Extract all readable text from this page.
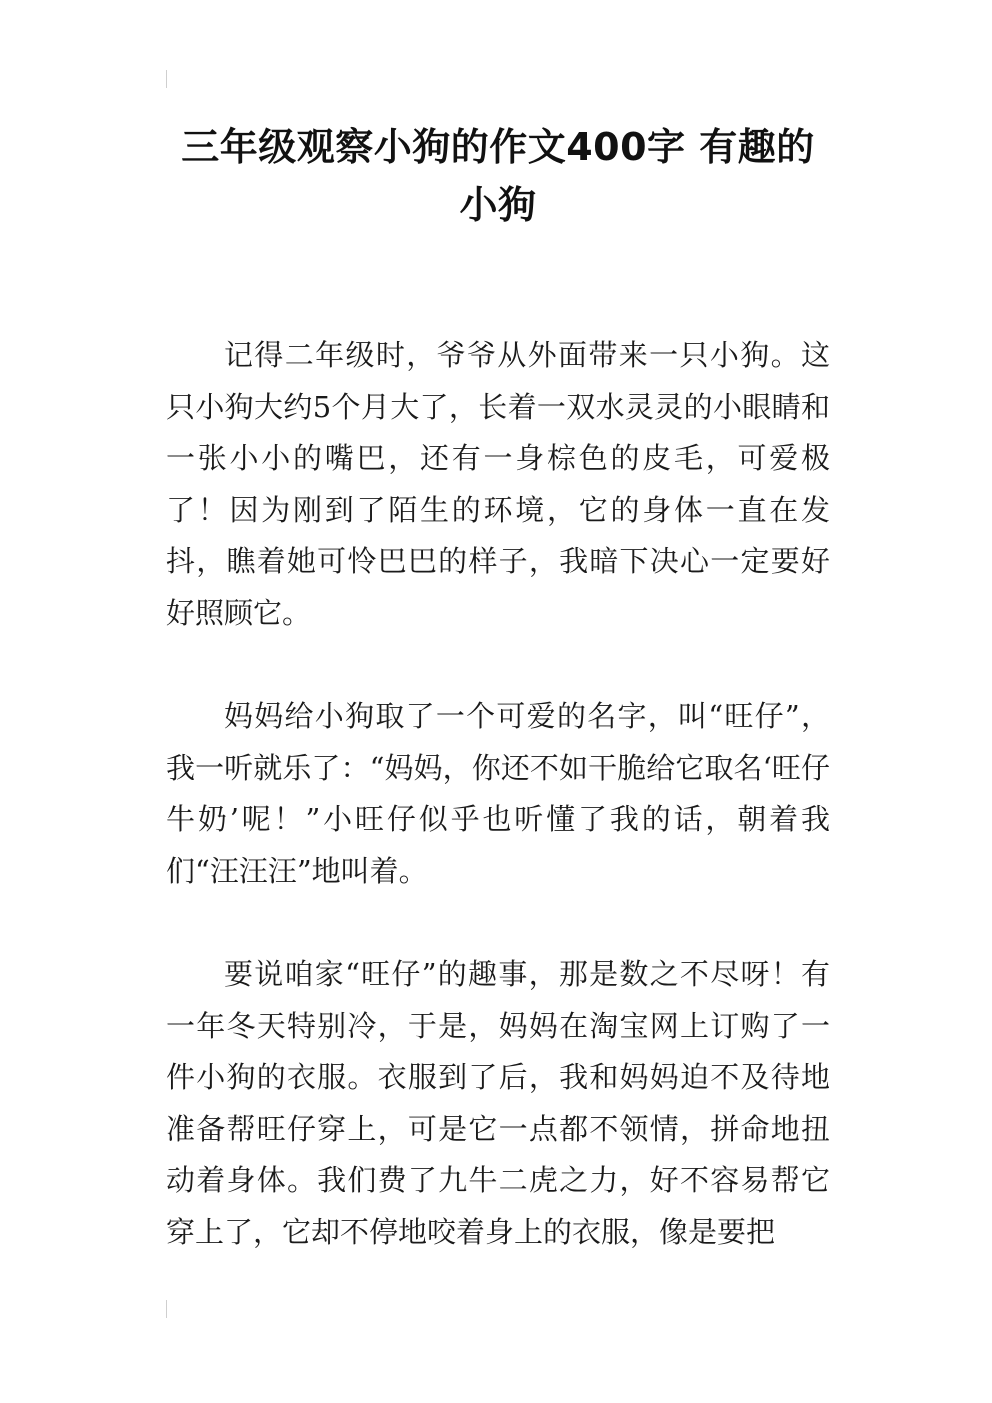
三年级观察小狗的作文400字 有趣的小狗

记得二年级时，爷爷从外面带来一只小狗。这只小狗大约5个月大了，长着一双水灵灵的小眼睛和一张小小的嘴巴，还有一身棕色的皮毛，可爱极了！因为刚到了陌生的环境，它的身体一直在发抖，瞧着她可怜巴巴的样子，我暗下决心一定要好好照顾它。

妈妈给小狗取了一个可爱的名字，叫“旺仔”，我一听就乐了：“妈妈，你还不如干脆给它取名‘旺仔牛奶’呢！”小旺仔似乎也听懂了我的话，朝着我们“汪汪汪”地叫着。

要说咱家“旺仔”的趣事，那是数之不尽呀！有一年冬天特别冷，于是，妈妈在淘宝网上订购了一件小狗的衣服。衣服到了后，我和妈妈迫不及待地准备帮旺仔穿上，可是它一点都不领情，拼命地扭动着身体。我们费了九牛二虎之力，好不容易帮它穿上了，它却不停地咬着身上的衣服，像是要把
